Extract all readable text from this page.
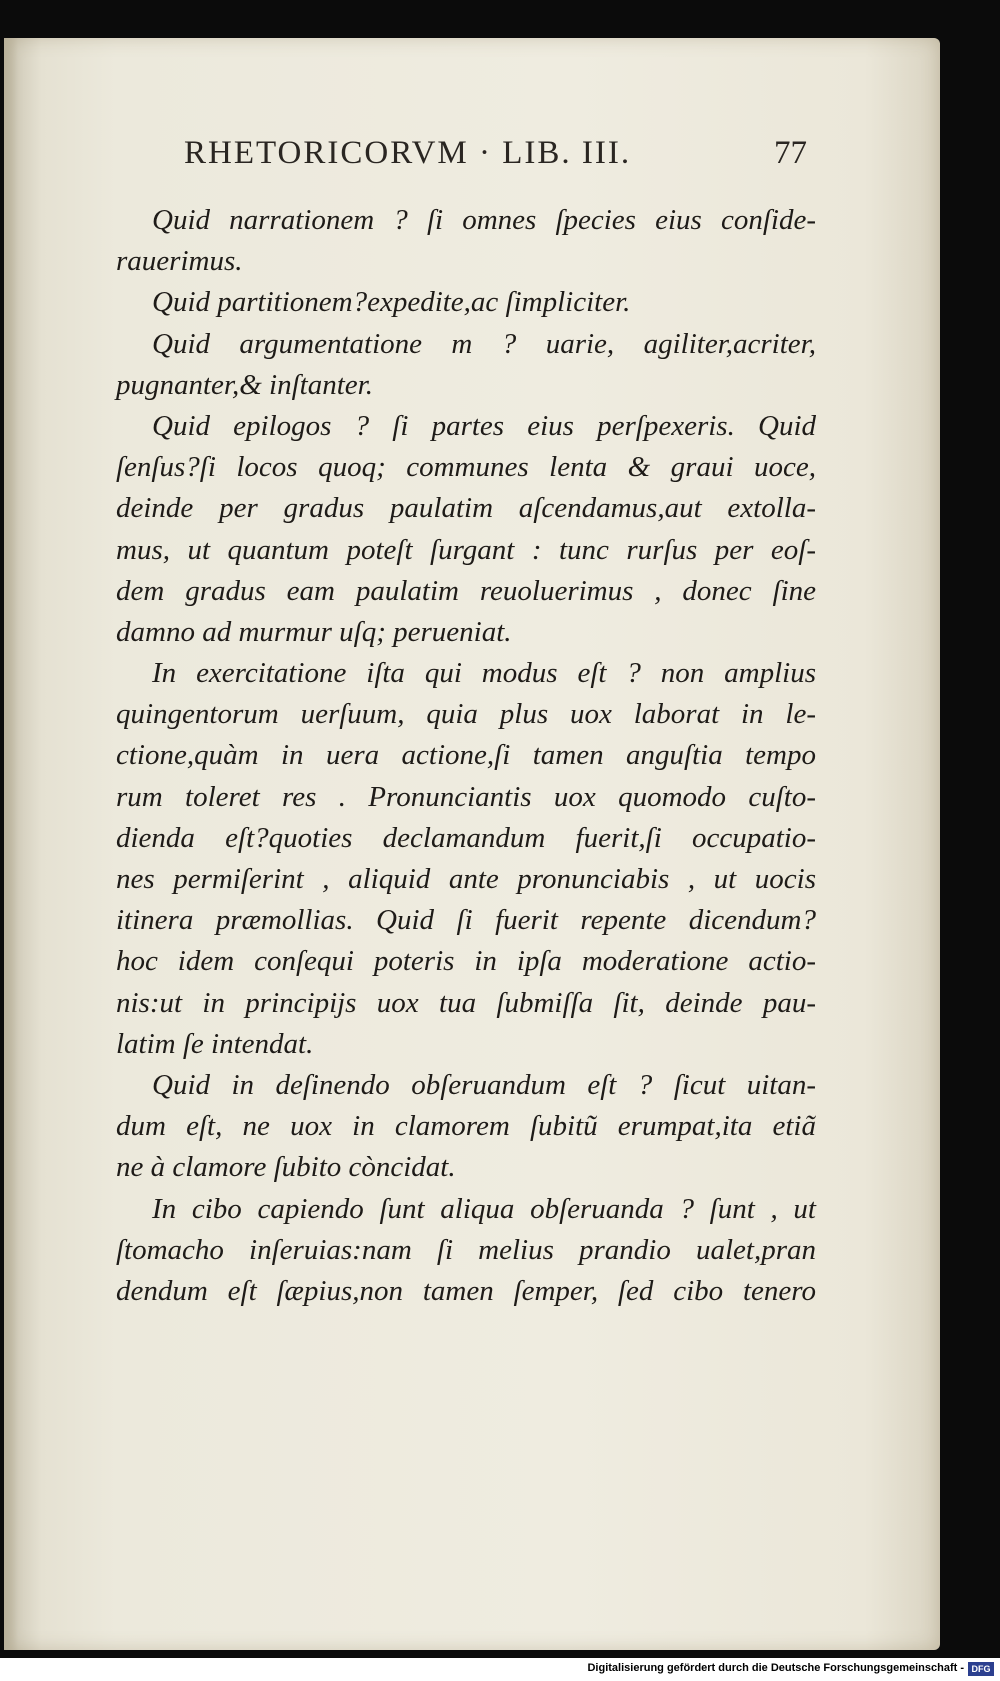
RHETORICORVM · LIB. III.	77
Quid narrationem ? ſi omnes ſpecies eius conſide-
rauerimus.
Quid partitionem?expedite,ac ſimpliciter.
Quid argumentatione m ? uarie, agiliter,acriter,
pugnanter,& inſtanter.
Quid epilogos ? ſi partes eius perſpexeris. Quid
ſenſus?ſi locos quoq; communes lenta & graui uoce,
deinde per gradus paulatim aſcendamus,aut extolla-
mus, ut quantum poteſt ſurgant : tunc rurſus per eoſ-
dem gradus eam paulatim reuoluerimus , donec ſine
damno ad murmur uſq; perueniat.
In exercitatione iſta qui modus eſt ? non amplius
quingentorum uerſuum, quia plus uox laborat in le-
ctione,quàm in uera actione,ſi tamen anguſtia tempo
rum toleret res . Pronunciantis uox quomodo cuſto-
dienda eſt?quoties declamandum fuerit,ſi occupatio-
nes permiſerint , aliquid ante pronunciabis , ut uocis
itinera præmollias. Quid ſi fuerit repente dicendum?
hoc idem conſequi poteris in ipſa moderatione actio-
nis:ut in principijs uox tua ſubmiſſa ſit, deinde pau-
latim ſe intendat.
Quid in deſinendo obſeruandum eſt ? ſicut uitan-
dum eſt, ne uox in clamorem ſubitũ erumpat,ita etiã
ne à clamore ſubito còncidat.
In cibo capiendo ſunt aliqua obſeruanda ? ſunt , ut
ſtomacho inſeruias:nam ſi melius prandio ualet,pran
dendum eſt ſæpius,non tamen ſemper, ſed cibo tenero
Digitalisierung gefördert durch die Deutsche Forschungsgemeinschaft - DFG
